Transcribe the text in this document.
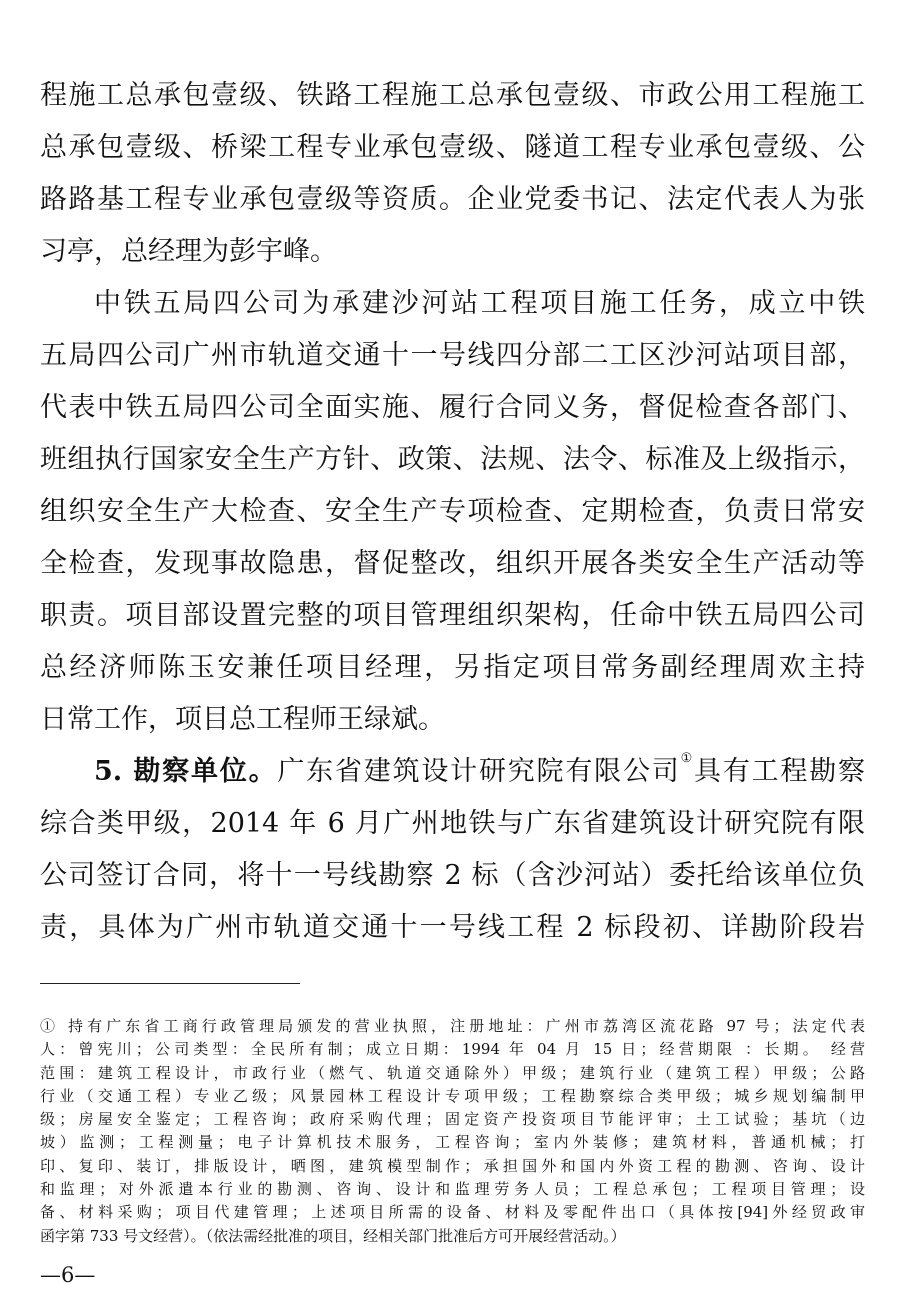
程施工总承包壹级、铁路工程施工总承包壹级、市政公用工程施工
总承包壹级、桥梁工程专业承包壹级、隧道工程专业承包壹级、公
路路基工程专业承包壹级等资质。企业党委书记、法定代表人为张
习亭，总经理为彭宇峰。
中铁五局四公司为承建沙河站工程项目施工任务，成立中铁
五局四公司广州市轨道交通十一号线四分部二工区沙河站项目部，
代表中铁五局四公司全面实施、履行合同义务，督促检查各部门、
班组执行国家安全生产方针、政策、法规、法令、标准及上级指示，
组织安全生产大检查、安全生产专项检查、定期检查，负责日常安
全检查，发现事故隐患，督促整改，组织开展各类安全生产活动等
职责。项目部设置完整的项目管理组织架构，任命中铁五局四公司
总经济师陈玉安兼任项目经理，另指定项目常务副经理周欢主持
日常工作，项目总工程师王绿斌。
5. 勘察单位。广东省建筑设计研究院有限公司①具有工程勘察
综合类甲级，2014 年 6 月广州地铁与广东省建筑设计研究院有限
公司签订合同，将十一号线勘察 2 标（含沙河站）委托给该单位负
责，具体为广州市轨道交通十一号线工程 2 标段初、详勘阶段岩
① 持有广东省工商行政管理局颁发的营业执照，注册地址：广州市荔湾区流花路 97 号；法定代表
人：曾宪川；公司类型：全民所有制；成立日期：1994 年 04 月 15 日；经营期限 ：长期。 经营
范围：建筑工程设计，市政行业（燃气、轨道交通除外）甲级；建筑行业（建筑工程）甲级；公路
行业（交通工程）专业乙级；风景园林工程设计专项甲级；工程勘察综合类甲级；城乡规划编制甲
级；房屋安全鉴定；工程咨询；政府采购代理；固定资产投资项目节能评审；土工试验；基坑（边
坡）监测；工程测量；电子计算机技术服务，工程咨询；室内外装修；建筑材料，普通机械；打
印、复印、装订，排版设计，晒图，建筑模型制作；承担国外和国内外资工程的勘测、咨询、设计
和监理；对外派遣本行业的勘测、咨询、设计和监理劳务人员；工程总承包；工程项目管理；设
备、材料采购；项目代建管理；上述项目所需的设备、材料及零配件出口（具体按[94]外经贸政审
函字第 733 号文经营）。（依法需经批准的项目，经相关部门批准后方可开展经营活动。）
—6—
